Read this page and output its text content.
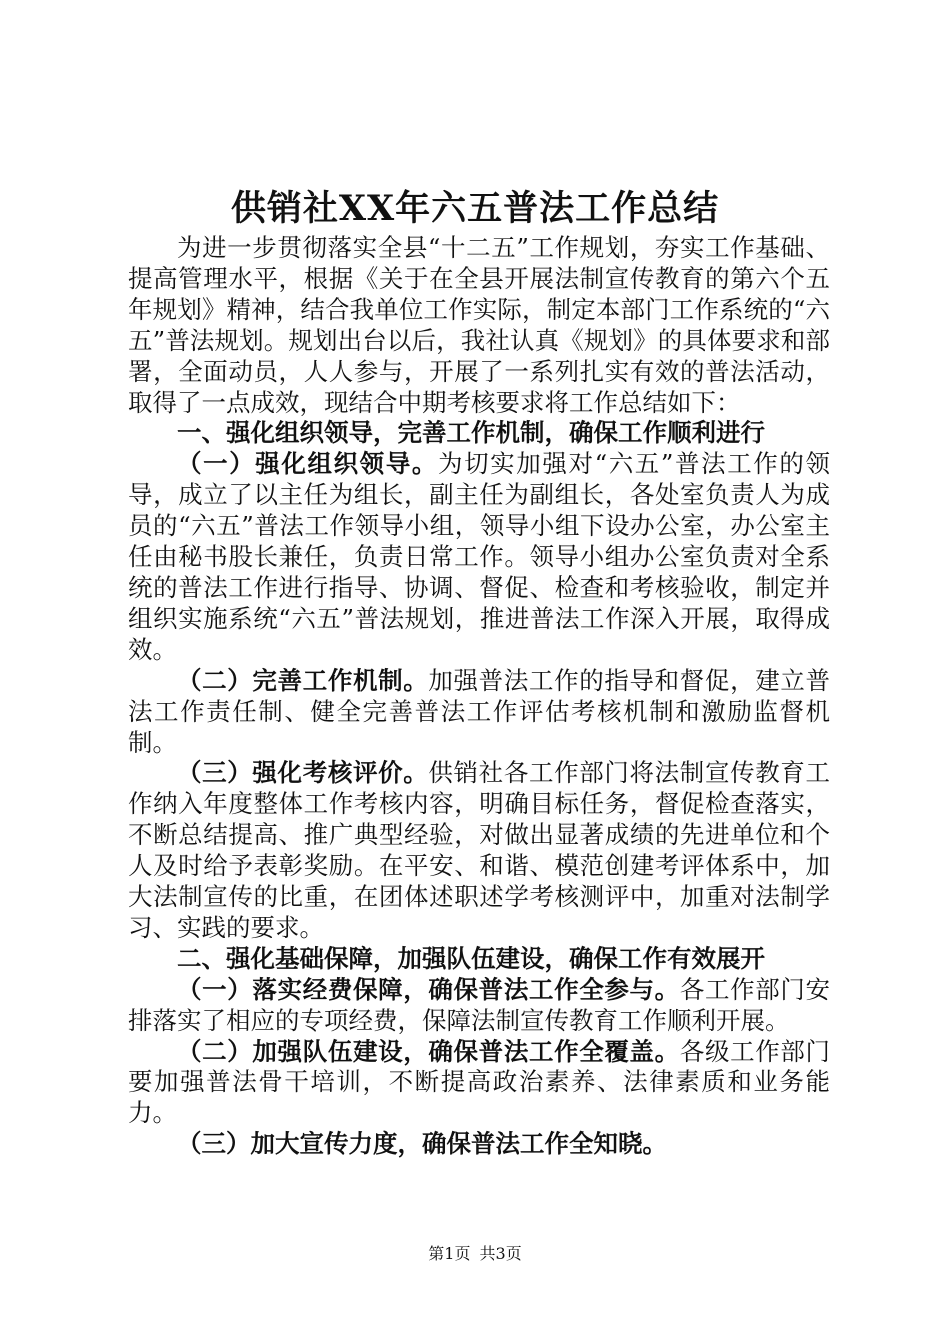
供销社XX年六五普法工作总结

为进一步贯彻落实全县“十二五”工作规划，夯实工作基础、提高管理水平，根据《关于在全县开展法制宣传教育的第六个五年规划》精神，结合我单位工作实际，制定本部门工作系统的“六五”普法规划。规划出台以后，我社认真《规划》的具体要求和部署，全面动员，人人参与，开展了一系列扎实有效的普法活动，取得了一点成效，现结合中期考核要求将工作总结如下：

一、强化组织领导，完善工作机制，确保工作顺利进行

（一）强化组织领导。为切实加强对“六五”普法工作的领导，成立了以主任为组长，副主任为副组长，各处室负责人为成员的“六五”普法工作领导小组，领导小组下设办公室，办公室主任由秘书股长兼任，负责日常工作。领导小组办公室负责对全系统的普法工作进行指导、协调、督促、检查和考核验收，制定并组织实施系统“六五”普法规划，推进普法工作深入开展，取得成效。

（二）完善工作机制。加强普法工作的指导和督促，建立普法工作责任制、健全完善普法工作评估考核机制和激励监督机制。

（三）强化考核评价。供销社各工作部门将法制宣传教育工作纳入年度整体工作考核内容，明确目标任务，督促检查落实，不断总结提高、推广典型经验，对做出显著成绩的先进单位和个人及时给予表彰奖励。在平安、和谐、模范创建考评体系中，加大法制宣传的比重，在团体述职述学考核测评中，加重对法制学习、实践的要求。

二、强化基础保障，加强队伍建设，确保工作有效展开

（一）落实经费保障，确保普法工作全参与。各工作部门安排落实了相应的专项经费，保障法制宣传教育工作顺利开展。

（二）加强队伍建设，确保普法工作全覆盖。各级工作部门要加强普法骨干培训，不断提高政治素养、法律素质和业务能力。

（三）加大宣传力度，确保普法工作全知晓。

第1页 共3页
